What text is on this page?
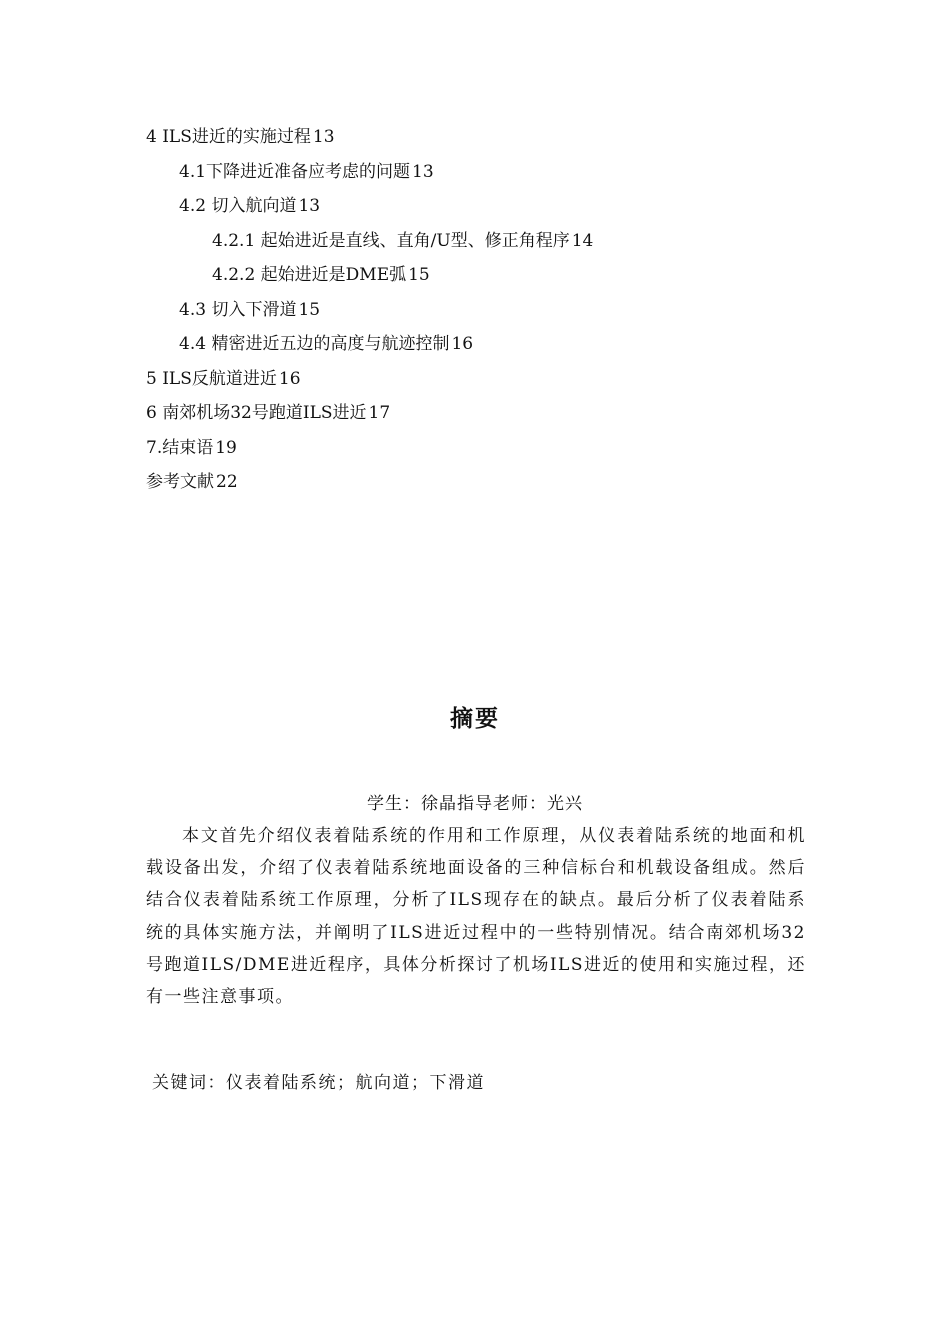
4 ILS进近的实施过程 13
4.1下降进近准备应考虑的问题 13
4.2 切入航向道 13
4.2.1 起始进近是直线、直角/U型、修正角程序 14
4.2.2 起始进近是DME弧 15
4.3 切入下滑道 15
4.4 精密进近五边的高度与航迹控制 16
5 ILS反航道进近 16
6 南郊机场32号跑道ILS进近 17
7.结束语 19
参考文献 22
摘要
学生：徐晶指导老师：光兴
本文首先介绍仪表着陆系统的作用和工作原理，从仪表着陆系统的地面和机载设备出发，介绍了仪表着陆系统地面设备的三种信标台和机载设备组成。然后结合仪表着陆系统工作原理，分析了ILS现存在的缺点。最后分析了仪表着陆系统的具体实施方法，并阐明了ILS进近过程中的一些特别情况。结合南郊机场32号跑道ILS/DME进近程序，具体分析探讨了机场ILS进近的使用和实施过程，还有一些注意事项。
关键词：仪表着陆系统；航向道；下滑道
